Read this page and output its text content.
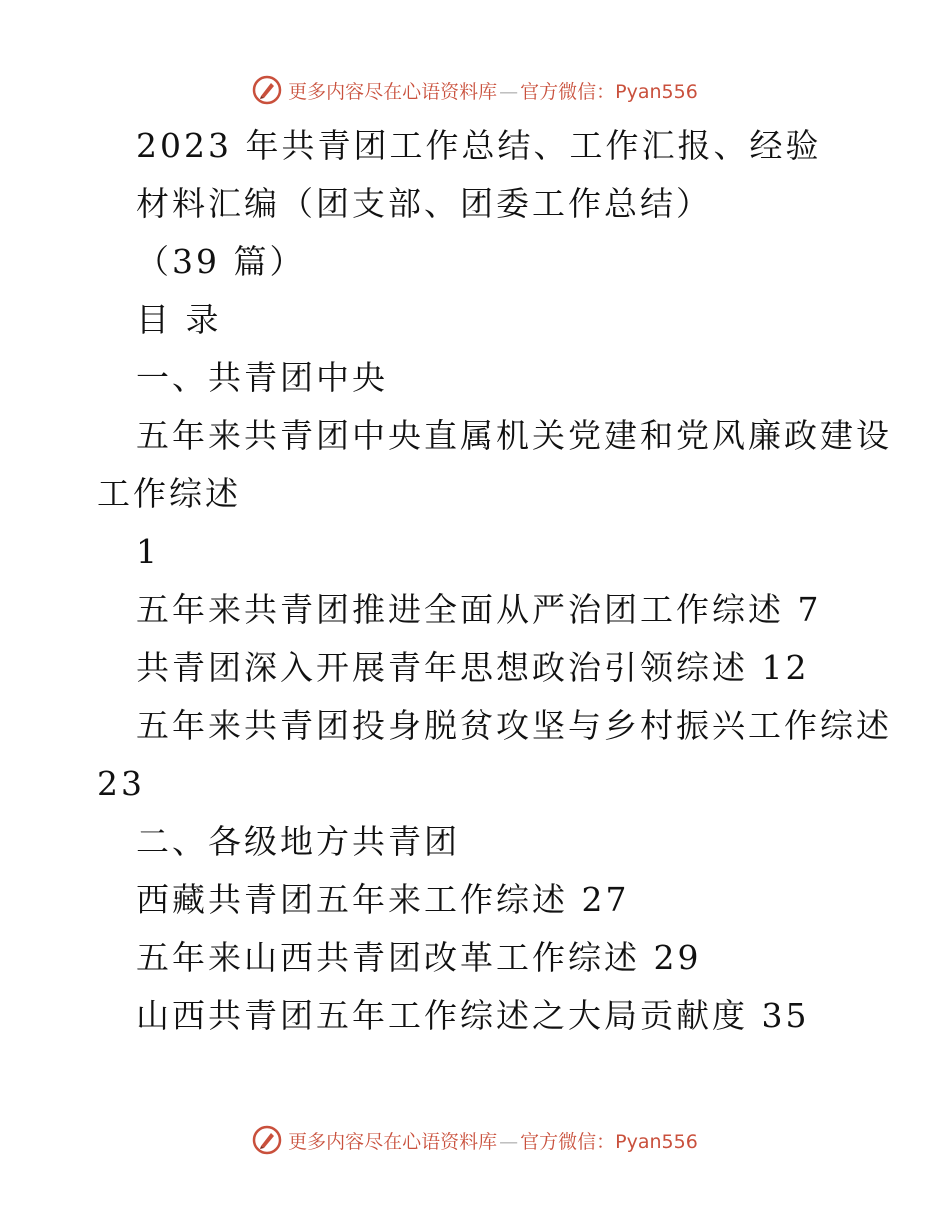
更多内容尽在心语资料库 — 官方微信：Pyan556
2023 年共青团工作总结、工作汇报、经验
材料汇编（团支部、团委工作总结）
（39 篇）
目 录
一、共青团中央
五年来共青团中央直属机关党建和党风廉政建设
工作综述
1
五年来共青团推进全面从严治团工作综述 7
共青团深入开展青年思想政治引领综述 12
五年来共青团投身脱贫攻坚与乡村振兴工作综述
23
二、各级地方共青团
西藏共青团五年来工作综述 27
五年来山西共青团改革工作综述 29
山西共青团五年工作综述之大局贡献度 35
更多内容尽在心语资料库 — 官方微信：Pyan556
